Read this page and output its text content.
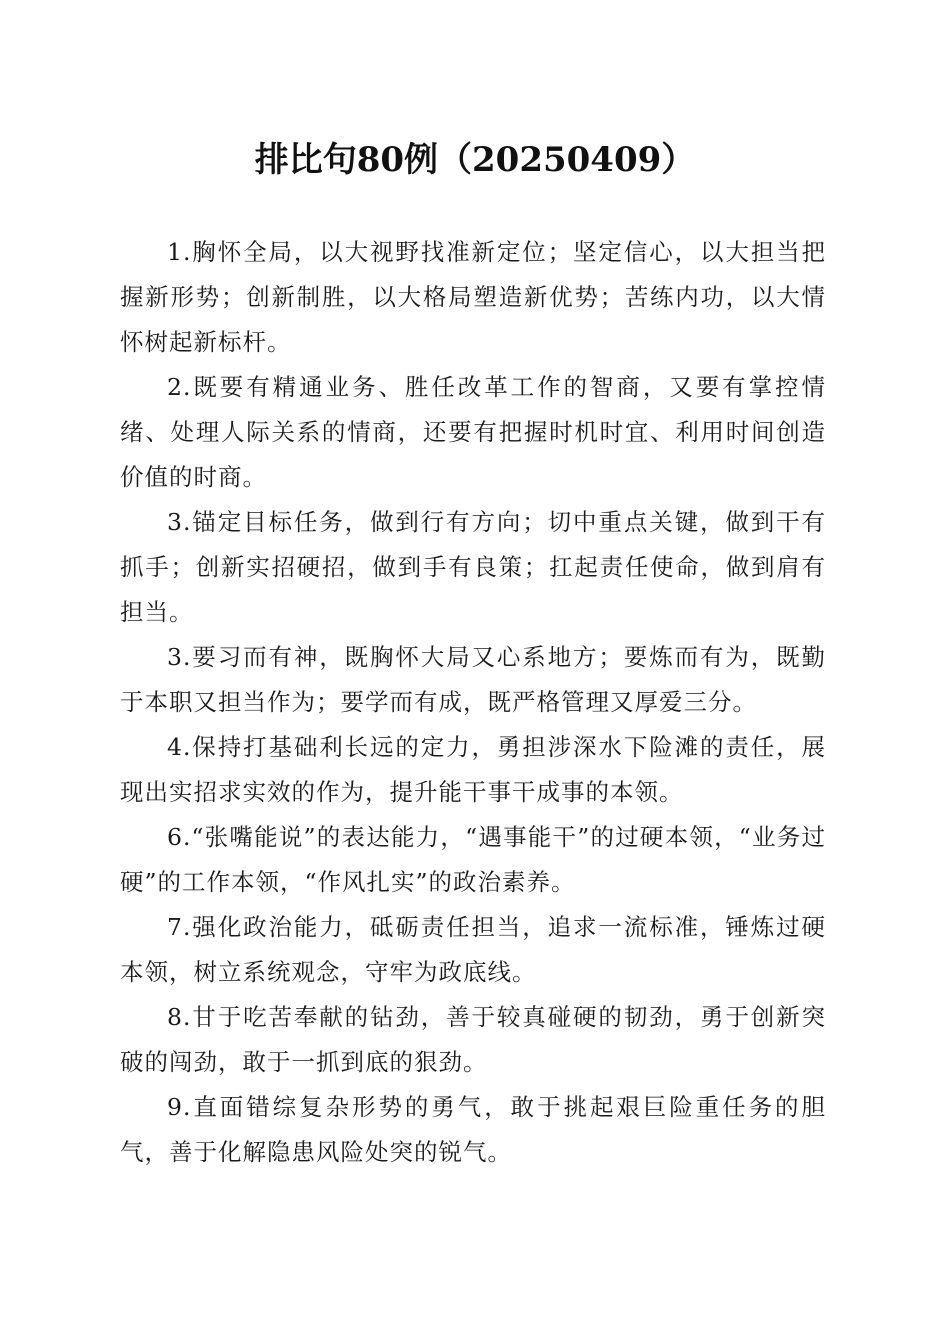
排比句80例（20250409）

1.胸怀全局，以大视野找准新定位；坚定信心，以大担当把握新形势；创新制胜，以大格局塑造新优势；苦练内功，以大情怀树起新标杆。

2.既要有精通业务、胜任改革工作的智商，又要有掌控情绪、处理人际关系的情商，还要有把握时机时宜、利用时间创造价值的时商。

3.锚定目标任务，做到行有方向；切中重点关键，做到干有抓手；创新实招硬招，做到手有良策；扛起责任使命，做到肩有担当。

3.要习而有神，既胸怀大局又心系地方；要炼而有为，既勤于本职又担当作为；要学而有成，既严格管理又厚爱三分。

4.保持打基础利长远的定力，勇担涉深水下险滩的责任，展现出实招求实效的作为，提升能干事干成事的本领。

6.“张嘴能说”的表达能力，“遇事能干”的过硬本领，“业务过硬”的工作本领，“作风扎实”的政治素养。

7.强化政治能力，砥砺责任担当，追求一流标准，锤炼过硬本领，树立系统观念，守牢为政底线。

8.甘于吃苦奉献的钻劲，善于较真碰硬的韧劲，勇于创新突破的闯劲，敢于一抓到底的狠劲。

9.直面错综复杂形势的勇气，敢于挑起艰巨险重任务的胆气，善于化解隐患风险处突的锐气。
